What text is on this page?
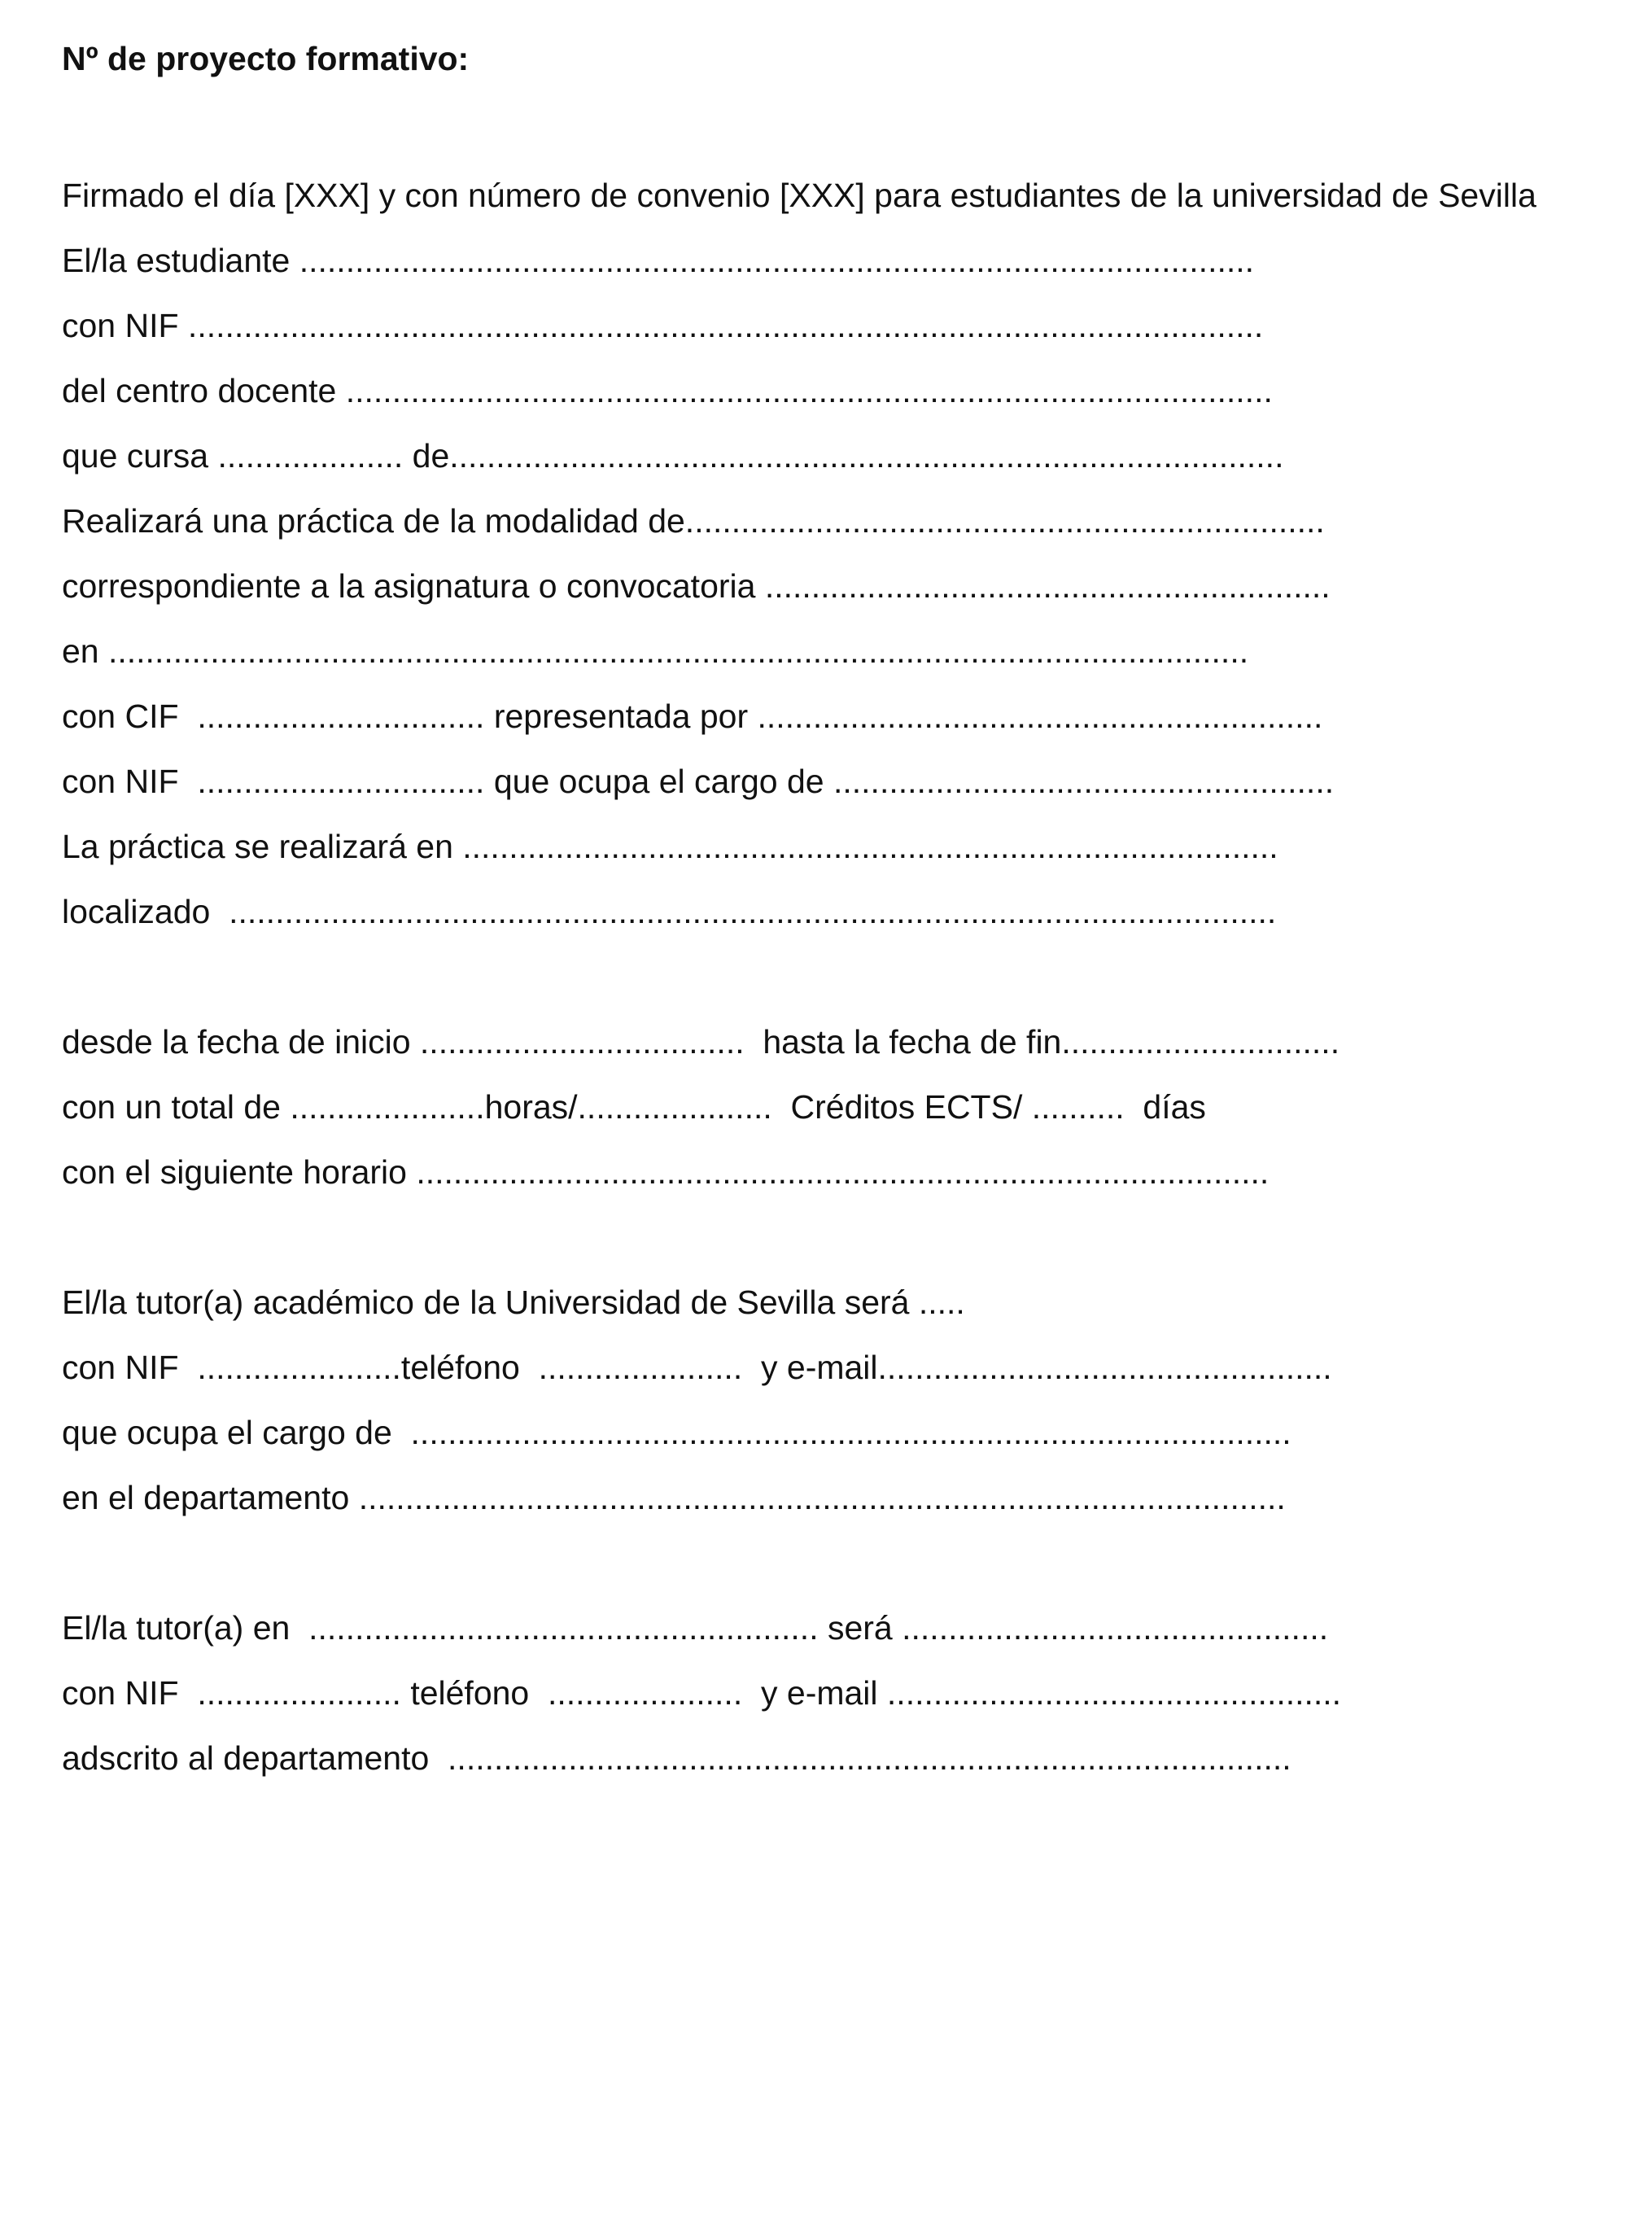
Nº de proyecto formativo:

Firmado el día [XXX] y con número de convenio [XXX] para estudiantes de la universidad de Sevilla
El/la estudiante .......................................................................................................
con NIF ....................................................................................................................
del centro docente ....................................................................................................
que cursa .................... de..........................................................................................
Realizará una práctica de la modalidad de.....................................................................
correspondiente a la asignatura o convocatoria .............................................................
en ...........................................................................................................................
con CIF  ............................... representada por .............................................................
con NIF  ............................... que ocupa el cargo de ......................................................
La práctica se realizará en ........................................................................................
localizado  .................................................................................................................
desde la fecha de inicio ...................................  hasta la fecha de fin..............................
con un total de .....................horas/.....................  Créditos ECTS/ ..........  días
con el siguiente horario ............................................................................................
El/la tutor(a) académico de la Universidad de Sevilla será .....
con NIF  ......................teléfono  ......................  y e-mail.................................................
que ocupa el cargo de  ...............................................................................................
en el departamento ....................................................................................................
El/la tutor(a) en  ....................................................... será ..............................................
con NIF  ...................... teléfono  .....................  y e-mail .................................................
adscrito al departamento  ...........................................................................................
